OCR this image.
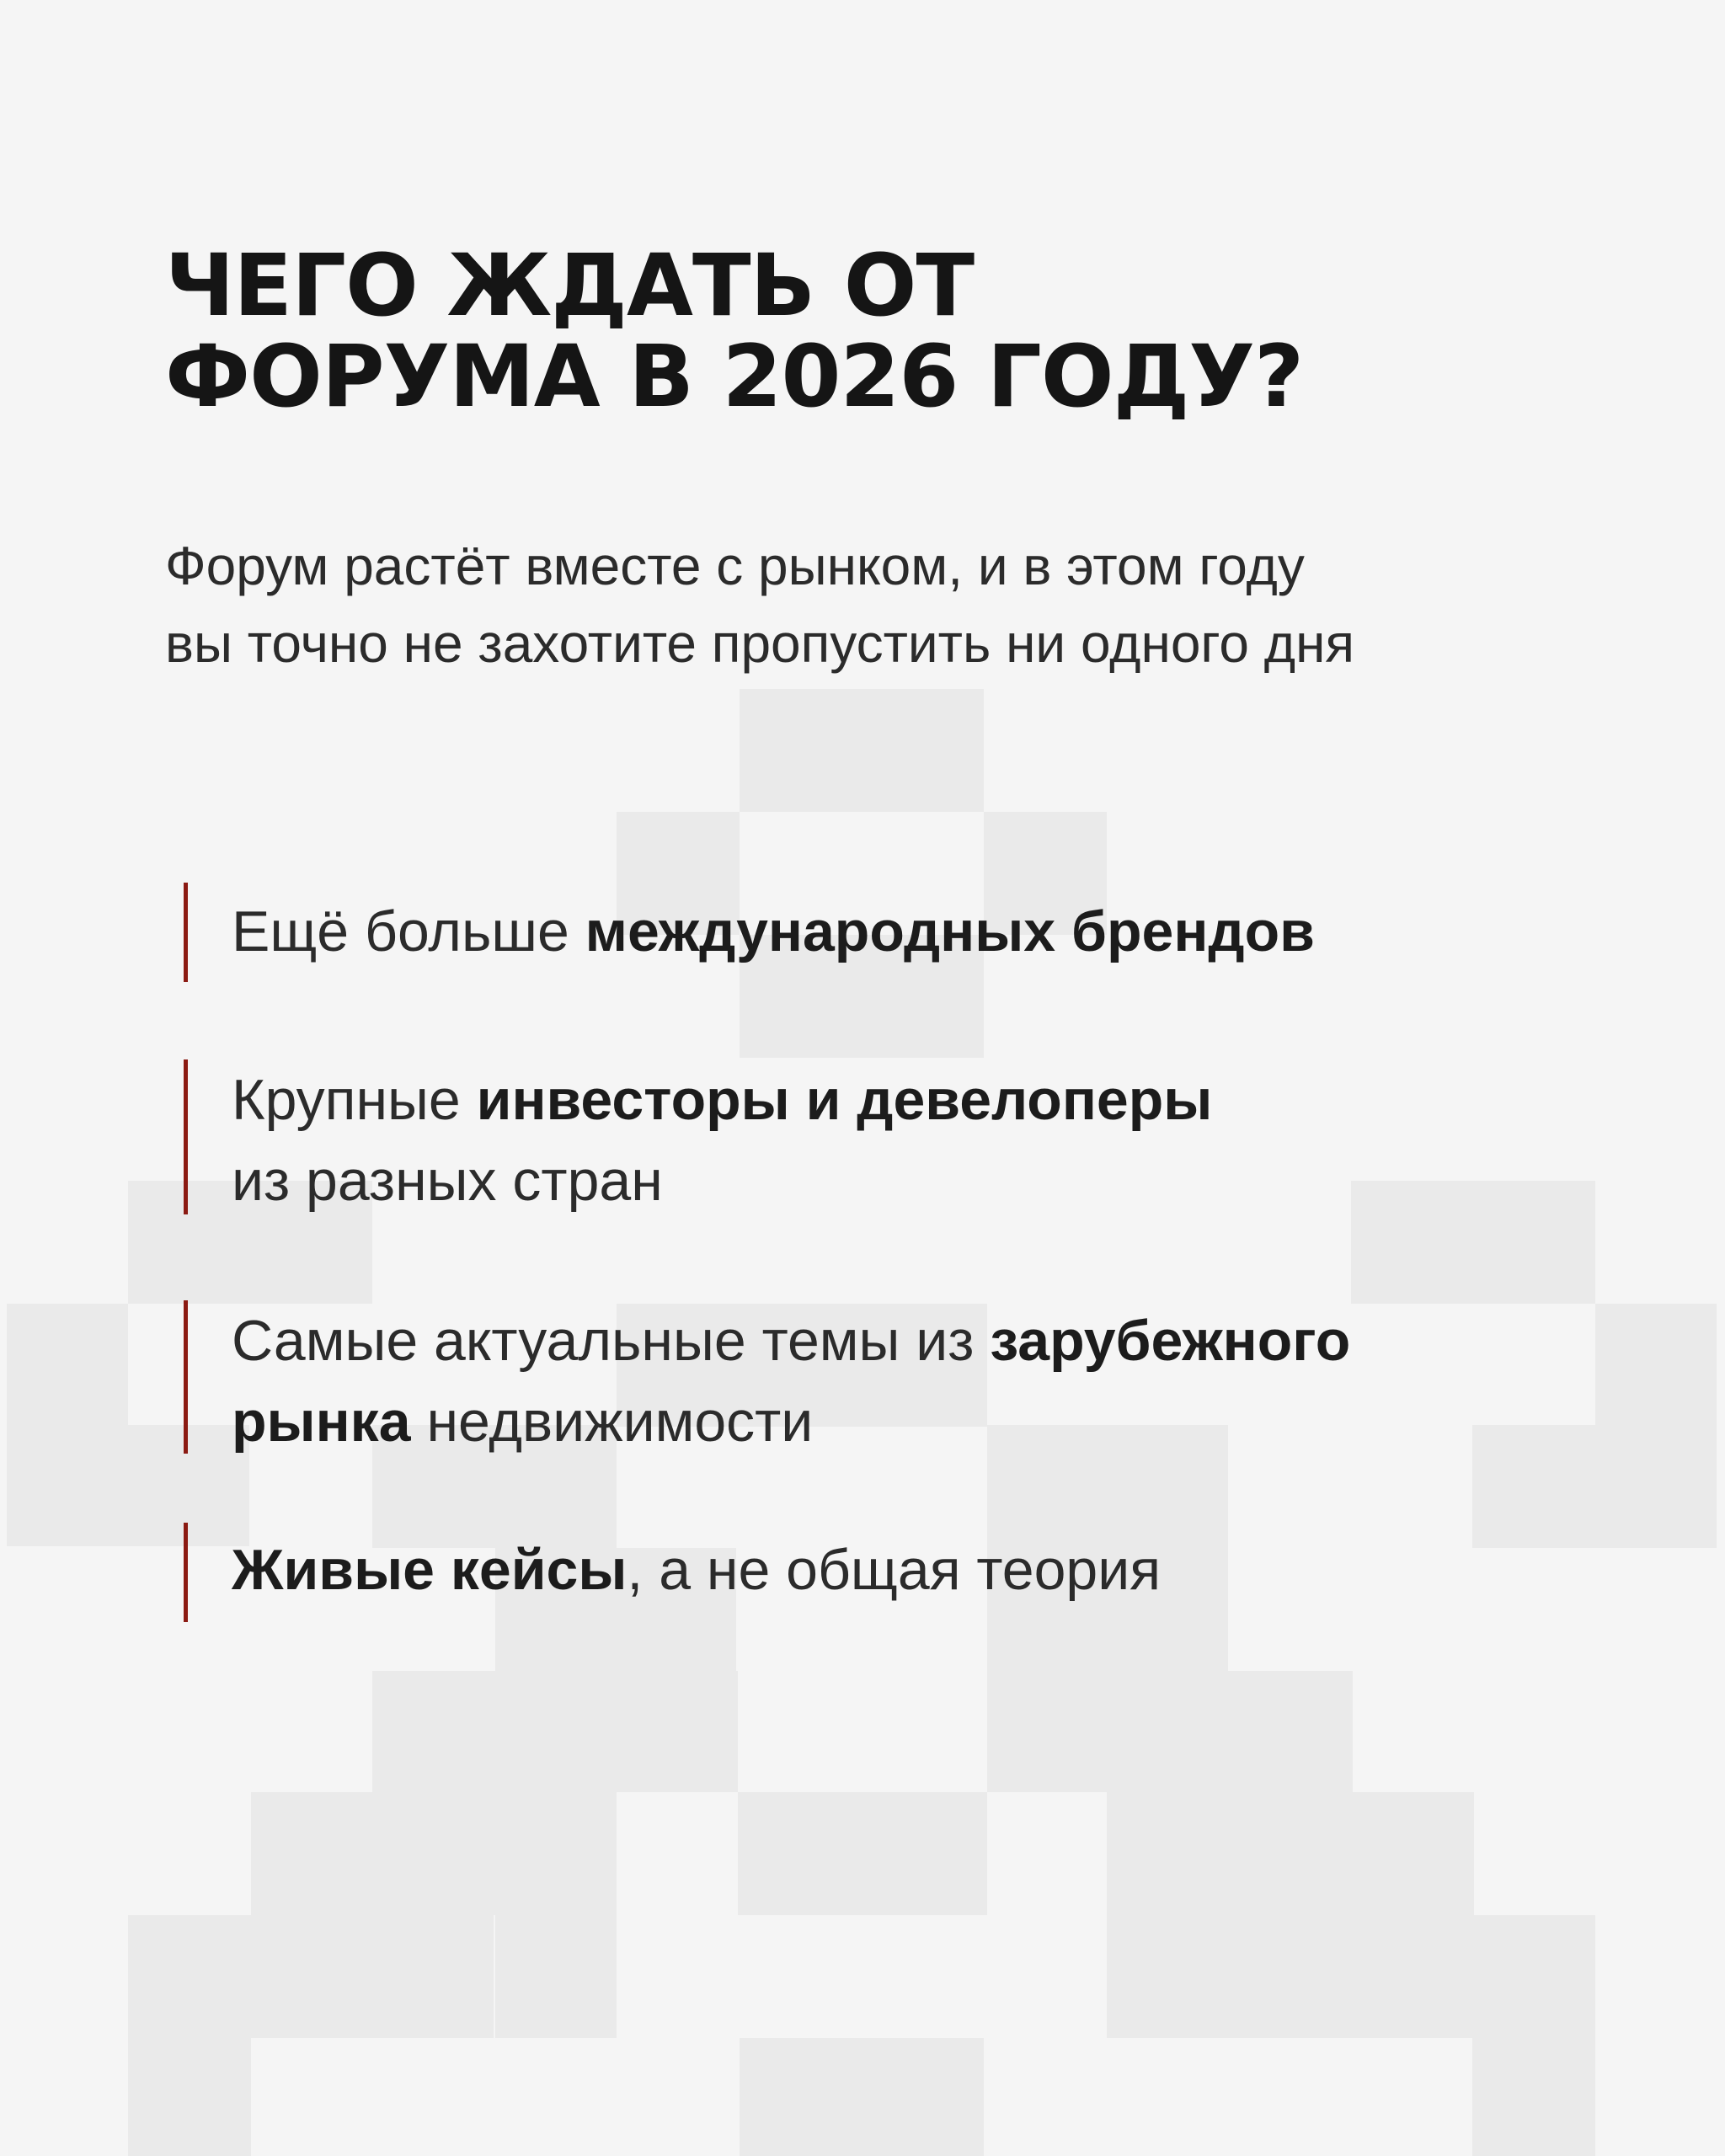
ЧЕГО ЖДАТЬ ОТ
ФОРУМА В 2026 ГОДУ?

Форум растёт вместе с рынком, и в этом году
вы точно не захотите пропустить ни одного дня

Ещё больше международных брендов
Крупные инвесторы и девелоперы
из разных стран
Самые актуальные темы из зарубежного
рынка недвижимости
Живые кейсы, а не общая теория
